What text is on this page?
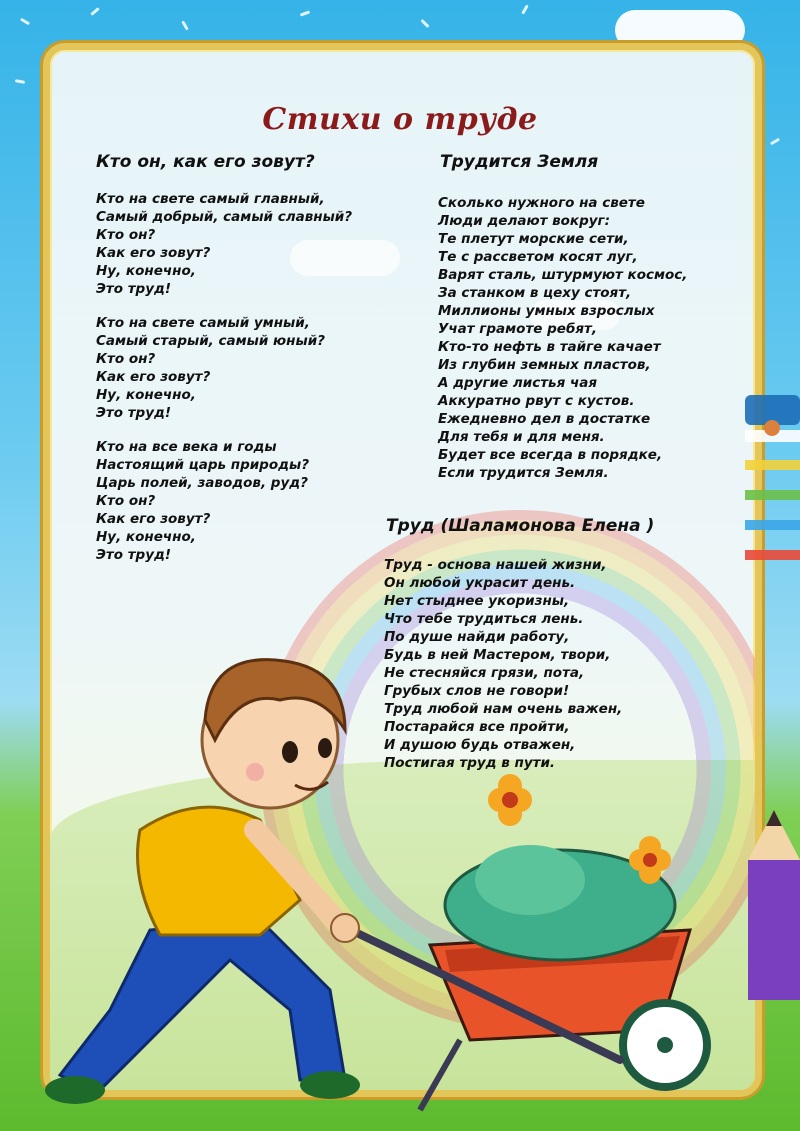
Стихи о труде
Кто он, как его зовут?
Кто на свете самый главный,
Самый добрый, самый славный?
Кто он?
Как его зовут?
Ну, конечно,
Это труд!
Кто на свете самый умный,
Самый старый, самый юный?
Кто он?
Как его зовут?
Ну, конечно,
Это труд!
Кто на все века и годы
Настоящий царь природы?
Царь полей, заводов, руд?
Кто он?
Как его зовут?
Ну, конечно,
Это труд!
Трудится Земля
Сколько нужного на свете
Люди делают вокруг:
Те плетут морские сети,
Те с рассветом косят луг,
Варят сталь, штурмуют космос,
За станком в цеху стоят,
Миллионы умных взрослых
Учат грамоте ребят,
Кто-то нефть в тайге качает
Из глубин земных пластов,
А другие листья чая
Аккуратно рвут с кустов.
Ежедневно дел в достатке
Для тебя и для меня.
Будет все всегда в порядке,
Если трудится Земля.
Труд (Шаламонова Елена )
Труд - основа нашей жизни,
Он любой украсит день.
Нет стыднее укоризны,
Что тебе трудиться лень.
По душе найди работу,
Будь в ней Мастером, твори,
Не стесняйся грязи, пота,
Грубых слов не говори!
Труд любой нам очень важен,
Постарайся все пройти,
И душою будь отважен,
Постигая труд в пути.
